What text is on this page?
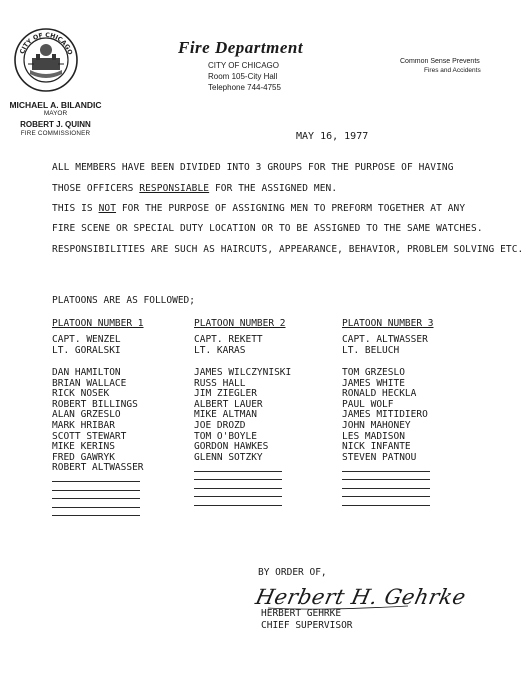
CITY OF CHICAGO
MICHAEL A. BILANDIC
MAYOR
ROBERT J. QUINN
FIRE COMMISSIONER
Fire Department
CITY OF CHICAGO
Room 105-City Hall
Telephone 744-4755
Common Sense Prevents
Fires and Accidents
MAY 16, 1977
ALL MEMBERS HAVE BEEN DIVIDED INTO 3 GROUPS FOR THE PURPOSE OF HAVING
THOSE OFFICERS RESPONSIABLE FOR THE ASSIGNED MEN.
THIS IS NOT FOR THE PURPOSE OF ASSIGNING MEN TO PREFORM TOGETHER AT ANY
FIRE SCENE OR SPECIAL DUTY LOCATION OR TO BE ASSIGNED TO THE SAME WATCHES.
RESPONSIBILITIES ARE SUCH AS HAIRCUTS, APPEARANCE, BEHAVIOR, PROBLEM SOLVING ETC.
PLATOONS ARE AS FOLLOWED;
PLATOON NUMBER 1
CAPT. WENZEL
LT. GORALSKI
DAN HAMILTON
BRIAN WALLACE
RICK NOSEK
ROBERT BILLINGS
ALAN GRZESLO
MARK HRIBAR
SCOTT STEWART
MIKE KERINS
FRED GAWRYK
ROBERT ALTWASSER
PLATOON NUMBER 2
CAPT. REKETT
LT. KARAS
JAMES WILCZYNISKI
RUSS HALL
JIM ZIEGLER
ALBERT LAUER
MIKE ALTMAN
JOE DROZD
TOM O'BOYLE
GORDON HAWKES
GLENN SOTZKY
PLATOON NUMBER 3
CAPT. ALTWASSER
LT. BELUCH
TOM GRZESLO
JAMES WHITE
RONALD HECKLA
PAUL WOLF
JAMES MITIDIERO
JOHN MAHONEY
LES MADISON
NICK INFANTE
STEVEN PATNOU
BY ORDER OF,
Herbert H. Gehrke
HERBERT GEHRKE
CHIEF SUPERVISOR
